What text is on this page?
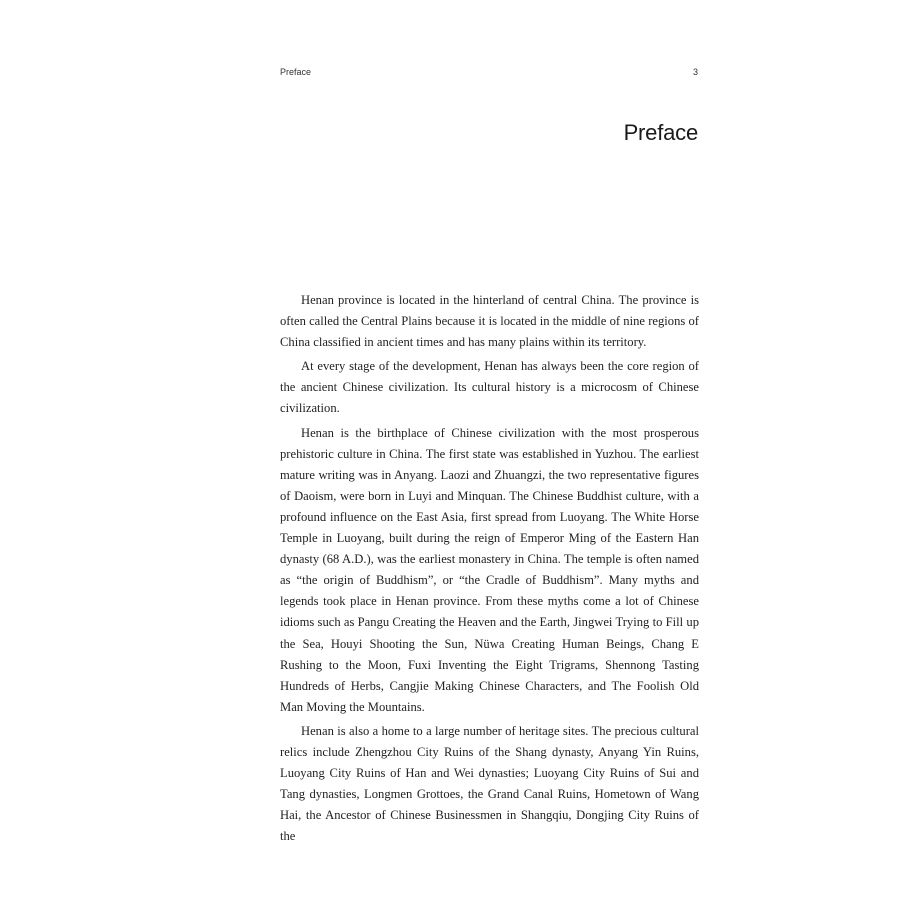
Preface	3
Preface

Henan province is located in the hinterland of central China. The province is often called the Central Plains because it is located in the middle of nine regions of China classified in ancient times and has many plains within its territory.

At every stage of the development, Henan has always been the core region of the ancient Chinese civilization. Its cultural history is a microcosm of Chinese civilization.

Henan is the birthplace of Chinese civilization with the most prosperous prehistoric culture in China. The first state was established in Yuzhou. The earliest mature writing was in Anyang. Laozi and Zhuangzi, the two representative figures of Daoism, were born in Luyi and Minquan. The Chinese Buddhist culture, with a profound influence on the East Asia, first spread from Luoyang. The White Horse Temple in Luoyang, built during the reign of Emperor Ming of the Eastern Han dynasty (68 A.D.), was the earliest monastery in China. The temple is often named as “the origin of Buddhism”, or “the Cradle of Buddhism”. Many myths and legends took place in Henan province. From these myths come a lot of Chinese idioms such as Pangu Creating the Heaven and the Earth, Jingwei Trying to Fill up the Sea, Houyi Shooting the Sun, Nüwa Creating Human Beings, Chang E Rushing to the Moon, Fuxi Inventing the Eight Trigrams, Shennong Tasting Hundreds of Herbs, Cangjie Making Chinese Characters, and The Foolish Old Man Moving the Mountains.

Henan is also a home to a large number of heritage sites. The precious cultural relics include Zhengzhou City Ruins of the Shang dynasty, Anyang Yin Ruins, Luoyang City Ruins of Han and Wei dynasties; Luoyang City Ruins of Sui and Tang dynasties, Longmen Grottoes, the Grand Canal Ruins, Hometown of Wang Hai, the Ancestor of Chinese Businessmen in Shangqiu, Dongjing City Ruins of the
